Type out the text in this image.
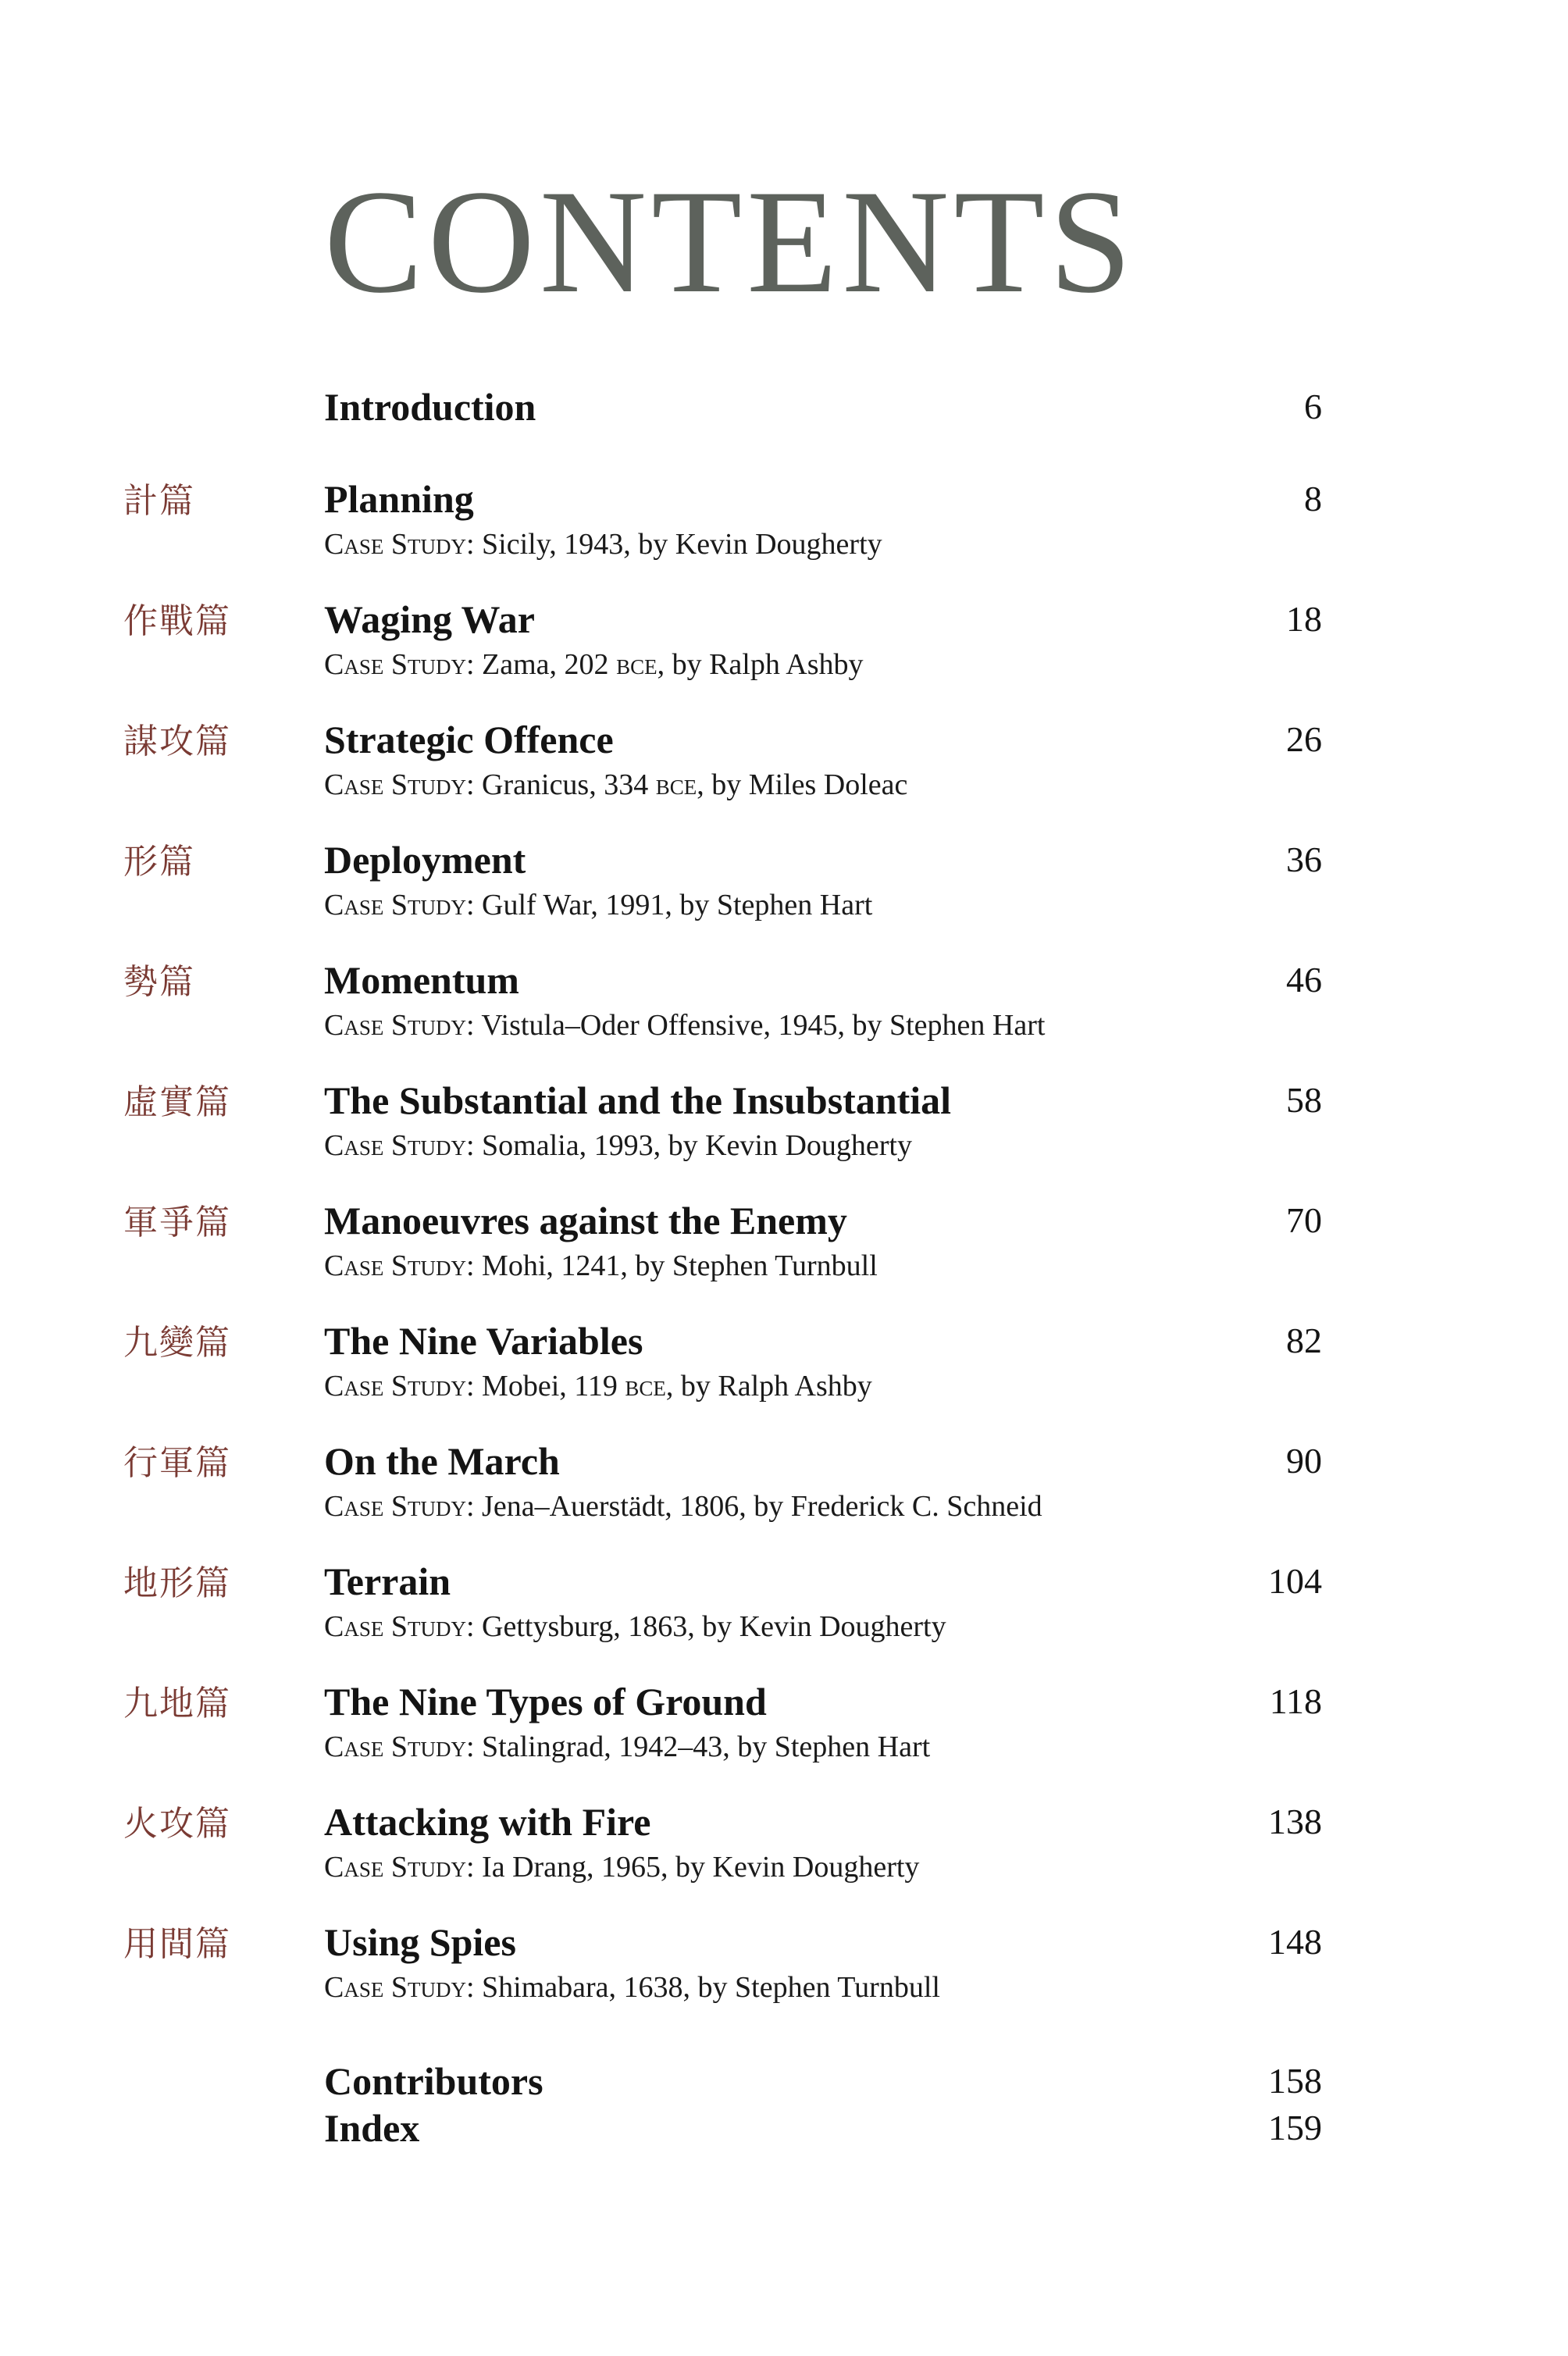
CONTENTS
Introduction	6
計篇	Planning	8
Case Study: Sicily, 1943, by Kevin Dougherty
作戰篇 Waging War	18
Case Study: Zama, 202 bce, by Ralph Ashby
謀攻篇 Strategic Offence	26
Case Study: Granicus, 334 bce, by Miles Doleac
形篇	Deployment	36
Case Study: Gulf War, 1991, by Stephen Hart
勢篇	Momentum	46
Case Study: Vistula–Oder Offensive, 1945, by Stephen Hart
虛實篇 The Substantial and the Insubstantial	58
Case Study: Somalia, 1993, by Kevin Dougherty
軍爭篇 Manoeuvres against the Enemy	70
Case Study: Mohi, 1241, by Stephen Turnbull
九變篇 The Nine Variables	82
Case Study: Mobei, 119 bce, by Ralph Ashby
行軍篇 On the March	90
Case Study: Jena–Auerstädt, 1806, by Frederick C. Schneid
地形篇 Terrain	104
Case Study: Gettysburg, 1863, by Kevin Dougherty
九地篇 The Nine Types of Ground	118
Case Study: Stalingrad, 1942–43, by Stephen Hart
火攻篇 Attacking with Fire	138
Case Study: Ia Drang, 1965, by Kevin Dougherty
用間篇 Using Spies	148
Case Study: Shimabara, 1638, by Stephen Turnbull
Contributors	158
Index	159
